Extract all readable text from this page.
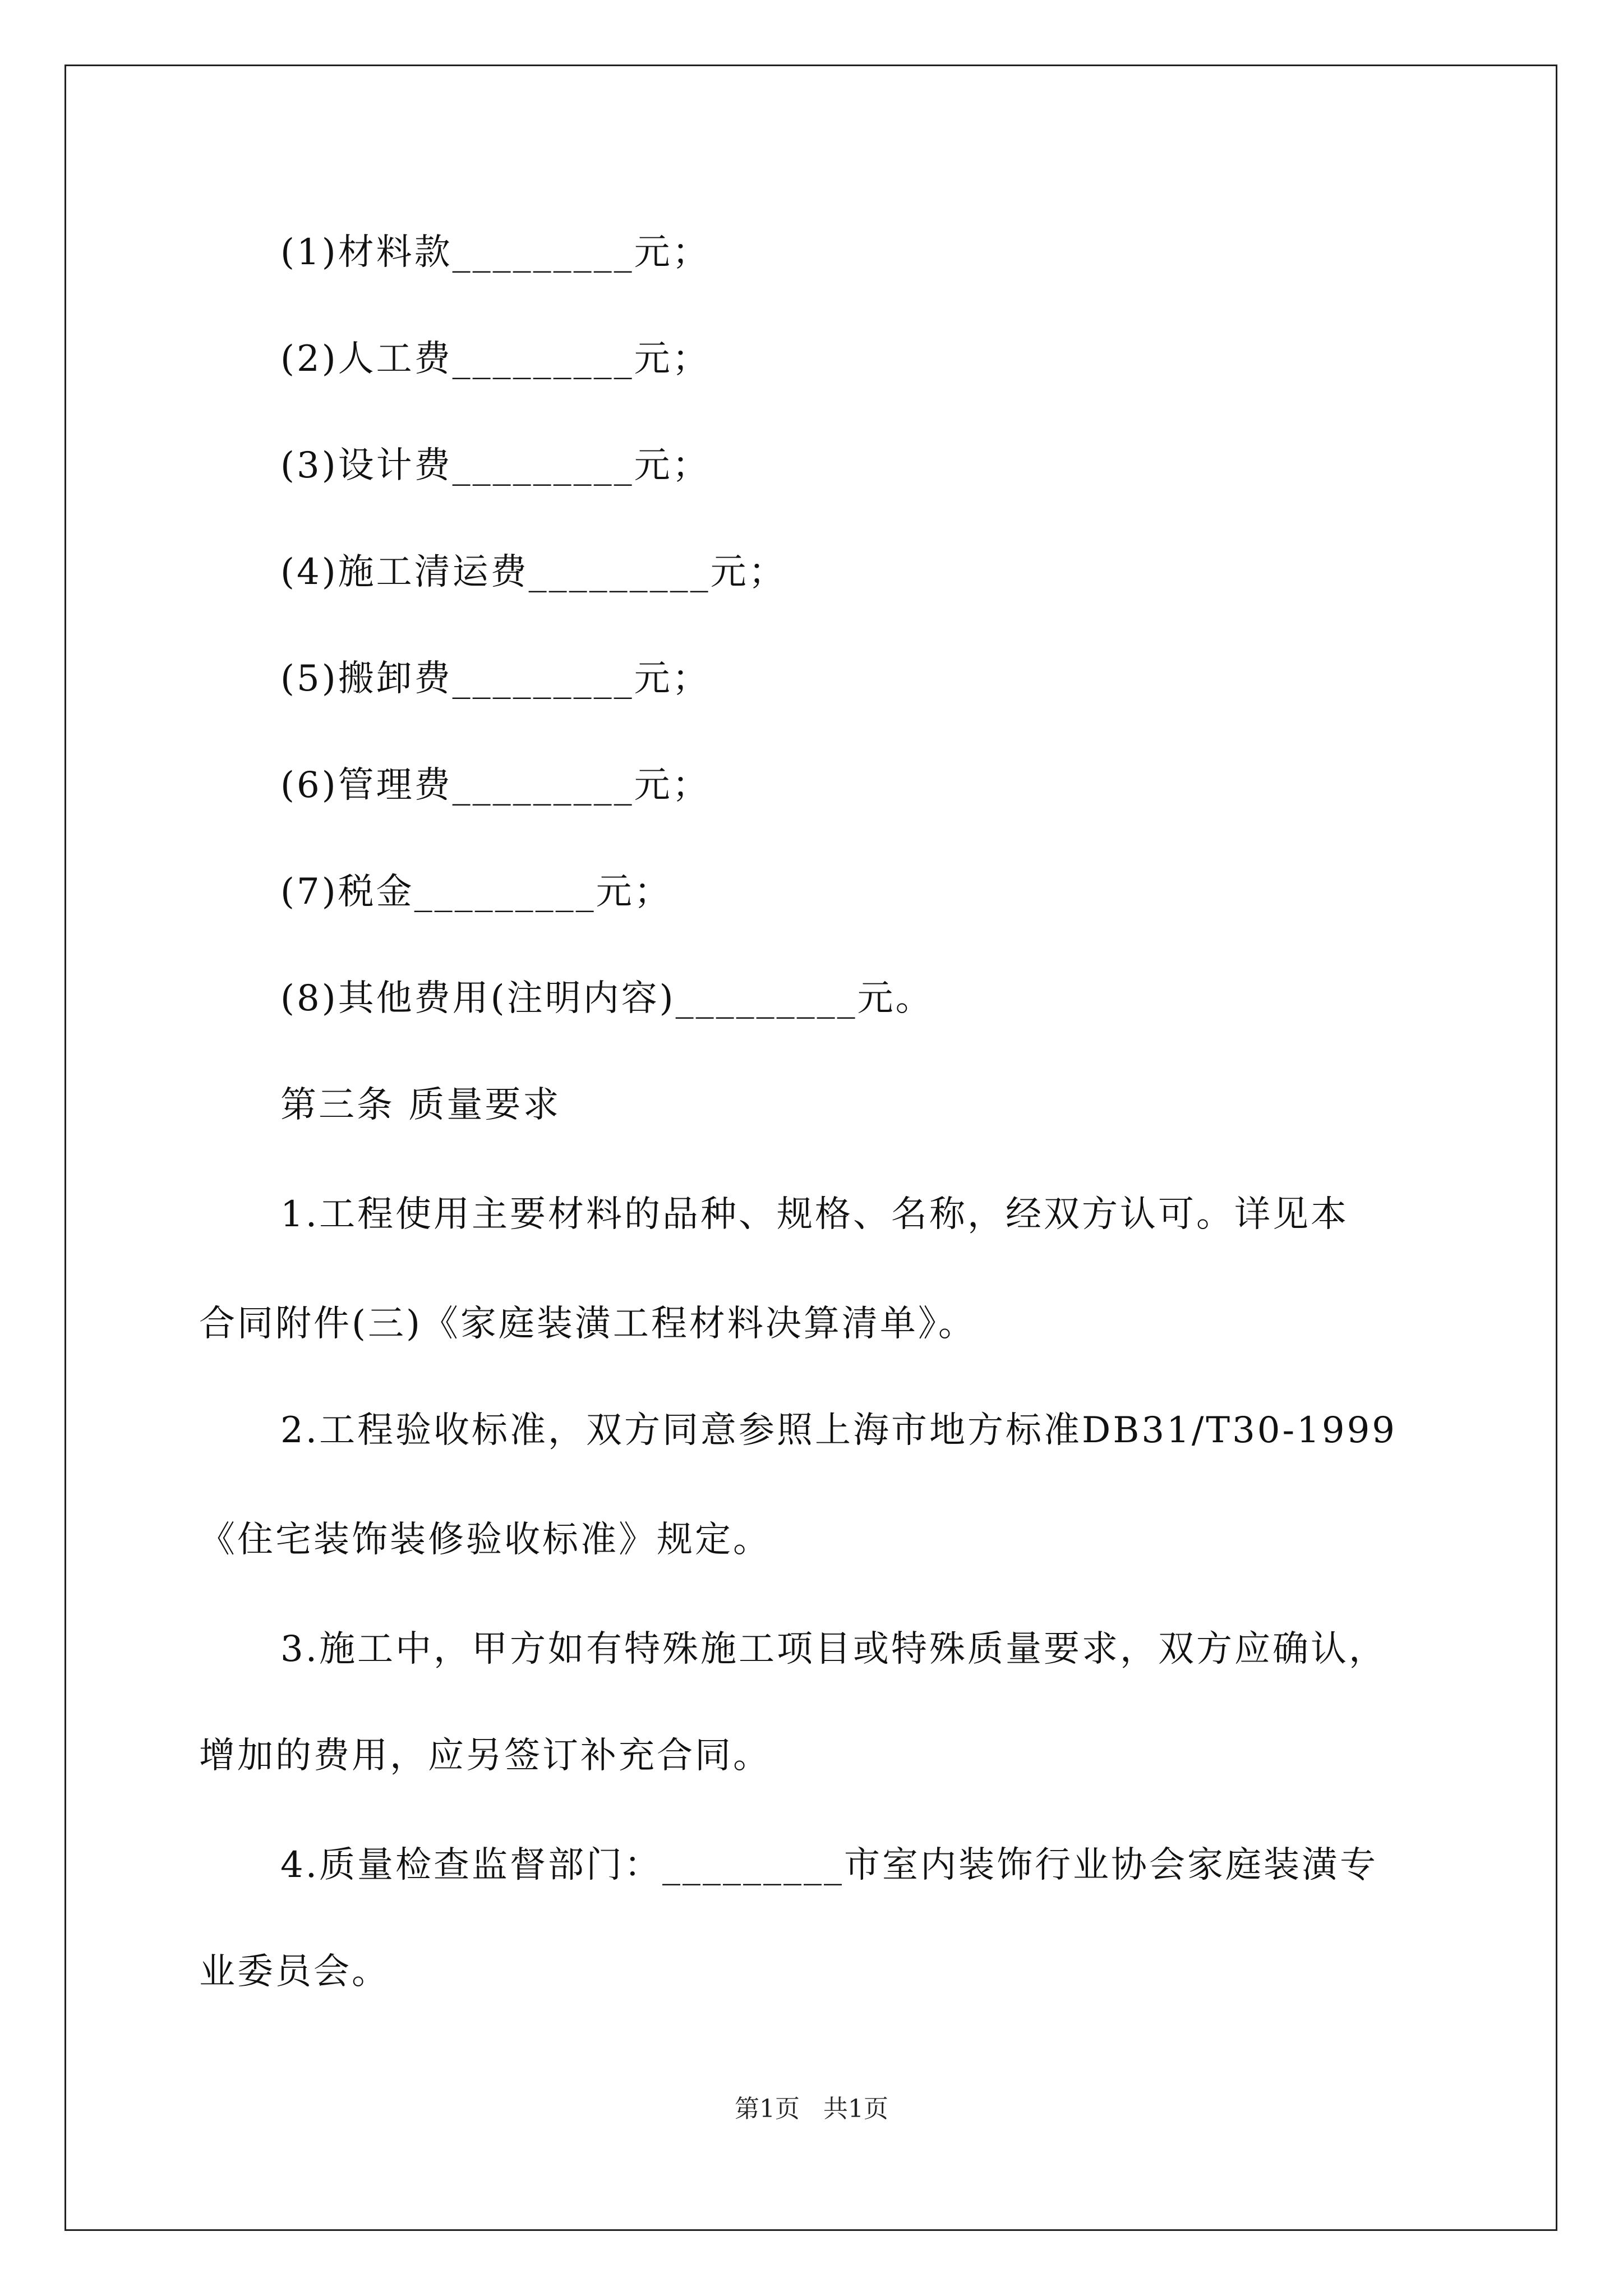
(1)材料款_________元；

(2)人工费_________元；

(3)设计费_________元；

(4)施工清运费_________元；

(5)搬卸费_________元；

(6)管理费_________元；

(7)税金_________元；

(8)其他费用(注明内容)_________元。

第三条 质量要求

1.工程使用主要材料的品种、规格、名称，经双方认可。详见本

合同附件(三)《家庭装潢工程材料决算清单》。

2.工程验收标准，双方同意参照上海市地方标准DB31/T30-1999

《住宅装饰装修验收标准》规定。

3.施工中，甲方如有特殊施工项目或特殊质量要求，双方应确认，

增加的费用，应另签订补充合同。

4.质量检查监督部门：_________市室内装饰行业协会家庭装潢专

业委员会。

第1页   共1页
